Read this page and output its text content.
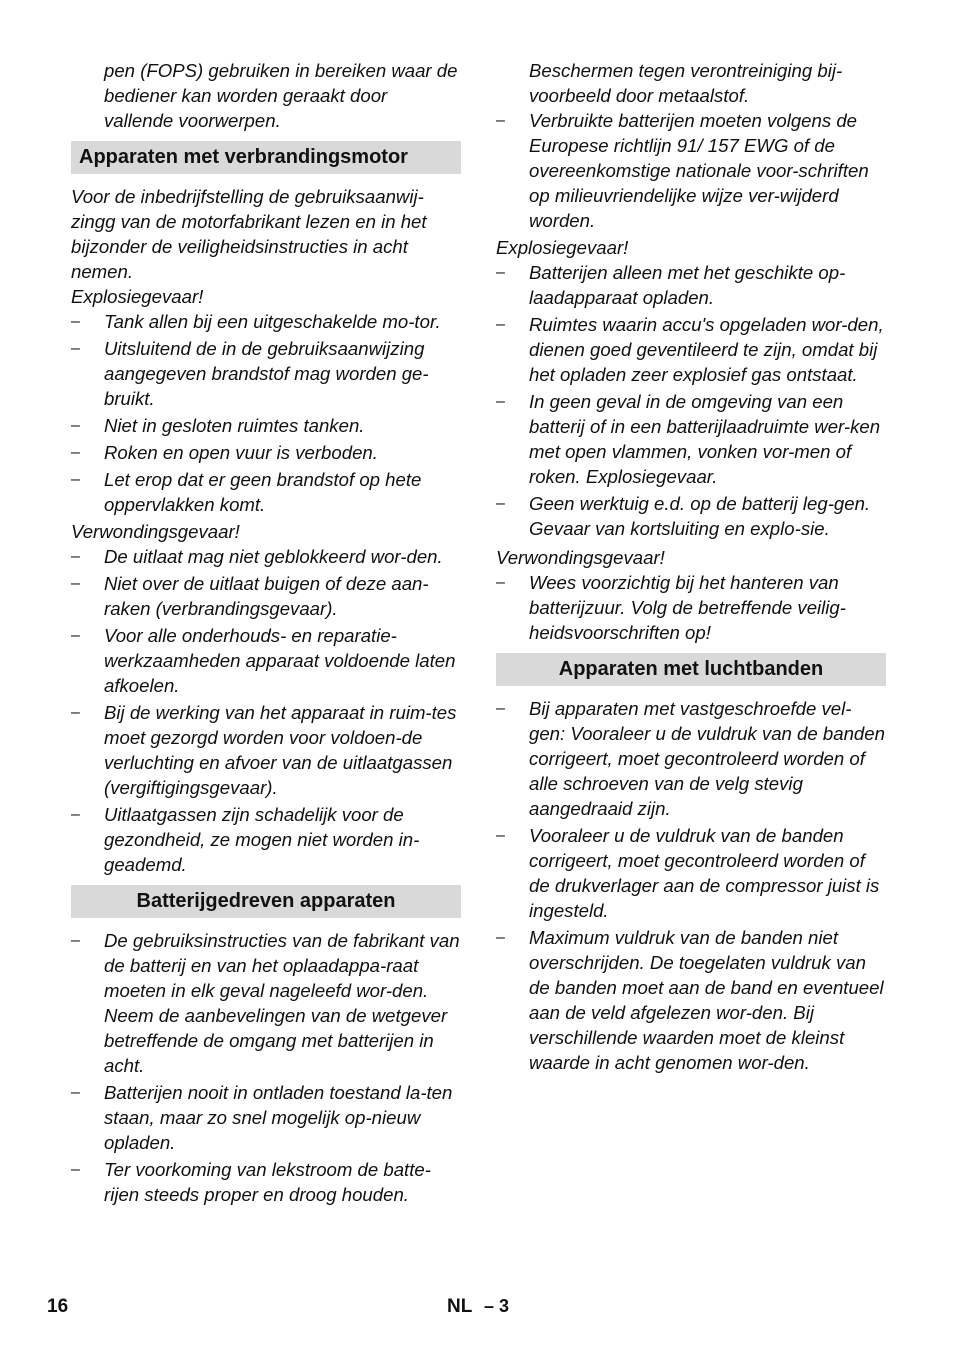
pen (FOPS) gebruiken in bereiken waar de bediener kan worden geraakt door vallende voorwerpen.

Apparaten met verbrandingsmotor

Voor de inbedrijfstelling de gebruiksaanwij-zingg van de motorfabrikant lezen en in het bijzonder de veiligheidsinstructies in acht nemen.

Explosiegevaar!

– Tank allen bij een uitgeschakelde mo-tor.
– Uitsluitend de in de gebruiksaanwijzing aangegeven brandstof mag worden ge-bruikt.
– Niet in gesloten ruimtes tanken.
– Roken en open vuur is verboden.
– Let erop dat er geen brandstof op hete oppervlakken komt.

Verwondingsgevaar!

– De uitlaat mag niet geblokkeerd wor-den.
– Niet over de uitlaat buigen of deze aan-raken (verbrandingsgevaar).
– Voor alle onderhouds- en reparatie-werkzaamheden apparaat voldoende laten afkoelen.
– Bij de werking van het apparaat in ruim-tes moet gezorgd worden voor voldoen-de verluchting en afvoer van de uitlaatgassen (vergiftigingsgevaar).
– Uitlaatgassen zijn schadelijk voor de gezondheid, ze mogen niet worden in-geademd.
Batterijgedreven apparaten
– De gebruiksinstructies van de fabrikant van de batterij en van het oplaadappa-raat moeten in elk geval nageleefd wor-den. Neem de aanbevelingen van de wetgever betreffende de omgang met batterijen in acht.
– Batterijen nooit in ontladen toestand la-ten staan, maar zo snel mogelijk op-nieuw opladen.
– Ter voorkoming van lekstroom de batte-rijen steeds proper en droog houden.

Beschermen tegen verontreiniging bij-voorbeeld door metaalstof.

– Verbruikte batterijen moeten volgens de Europese richtlijn 91/ 157 EWG of de overeenkomstige nationale voor-schriften op milieuvriendelijke wijze ver-wijderd worden.

Explosiegevaar!

– Batterijen alleen met het geschikte op-laadapparaat opladen.
– Ruimtes waarin accu's opgeladen wor-den, dienen goed geventileerd te zijn, omdat bij het opladen zeer explosief gas ontstaat.
– In geen geval in de omgeving van een batterij of in een batterijlaadruimte wer-ken met open vlammen, vonken vor-men of roken. Explosiegevaar.
– Geen werktuig e.d. op de batterij leg-gen. Gevaar van kortsluiting en explo-sie.

Verwondingsgevaar!

– Wees voorzichtig bij het hanteren van batterijzuur. Volg de betreffende veilig-heidsvoorschriften op!
Apparaten met luchtbanden
– Bij apparaten met vastgeschroefde vel-gen: Vooraleer u de vuldruk van de banden corrigeert, moet gecontroleerd worden of alle schroeven van de velg stevig aangedraaid zijn.
– Vooraleer u de vuldruk van de banden corrigeert, moet gecontroleerd worden of de drukverlager aan de compressor juist is ingesteld.
– Maximum vuldruk van de banden niet overschrijden. De toegelaten vuldruk van de banden moet aan de band en eventueel aan de veld afgelezen wor-den. Bij verschillende waarden moet de kleinst waarde in acht genomen wor-den.
16	NL – 3
